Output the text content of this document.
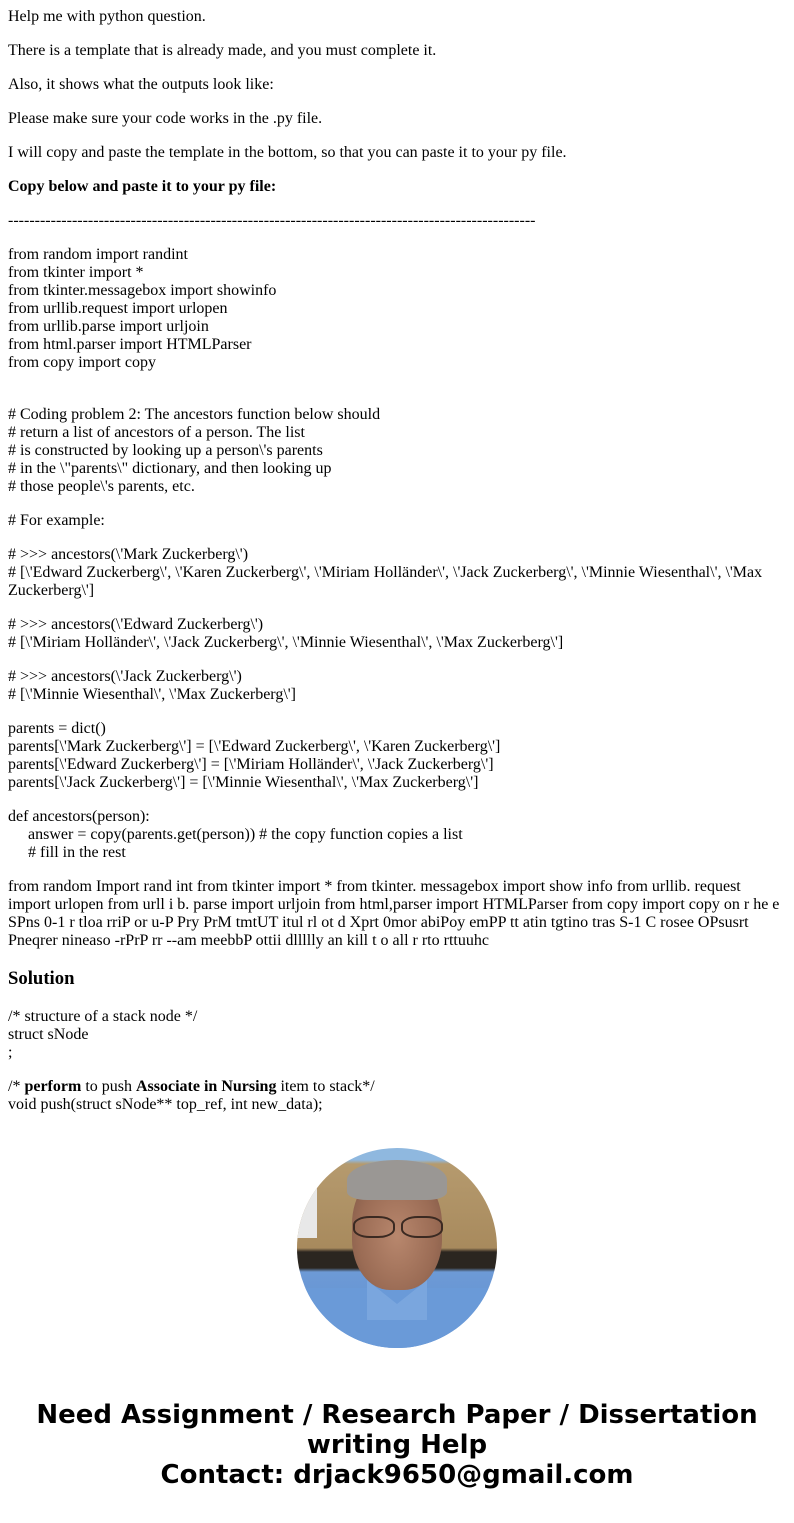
Help me with python question.

There is a template that is already made, and you must complete it.

Also, it shows what the outputs look like:

Please make sure your code works in the .py file.

I will copy and paste the template in the bottom, so that you can paste it to your py file.

Copy below and paste it to your py file:

---------------------------------------------------------------------------------------------------

from random import randint
from tkinter import *
from tkinter.messagebox import showinfo
from urllib.request import urlopen
from urllib.parse import urljoin
from html.parser import HTMLParser
from copy import copy
# Coding problem 2: The ancestors function below should
# return a list of ancestors of a person. The list
# is constructed by looking up a person\'s parents
# in the \"parents\" dictionary, and then looking up
# those people\'s parents, etc.

# For example:

# >>> ancestors(\'Mark Zuckerberg\')
# [\'Edward Zuckerberg\', \'Karen Zuckerberg\', \'Miriam Holländer\', \'Jack Zuckerberg\', \'Minnie Wiesenthal\', \'Max Zuckerberg\']
# >>> ancestors(\'Edward Zuckerberg\')
# [\'Miriam Holländer\', \'Jack Zuckerberg\', \'Minnie Wiesenthal\', \'Max Zuckerberg\']
# >>> ancestors(\'Jack Zuckerberg\')
# [\'Minnie Wiesenthal\', \'Max Zuckerberg\']
parents = dict()
parents[\'Mark Zuckerberg\'] = [\'Edward Zuckerberg\', \'Karen Zuckerberg\']
parents[\'Edward Zuckerberg\'] = [\'Miriam Holländer\', \'Jack Zuckerberg\']
parents[\'Jack Zuckerberg\'] = [\'Minnie Wiesenthal\', \'Max Zuckerberg\']
def ancestors(person):
answer = copy(parents.get(person)) # the copy function copies a list
# fill in the rest

from random Import rand int from tkinter import * from tkinter. messagebox import show info from urllib. request import urlopen from urll i b. parse import urljoin from html,parser import HTMLParser from copy import copy on r he e SPns 0-1 r tloa rriP or u-P Pry PrM tmtUT itul rl ot d Xprt 0mor abiPoy emPP tt atin tgtino tras S-1 C rosee OPsusrt Pneqrer nineaso -rPrP rr --am meebbP ottii dllllly an kill t o all r rto rttuuhc

Solution
/* structure of a stack node */
struct sNode
;
/* perform to push Associate in Nursing item to stack*/
void push(struct sNode** top_ref, int new_data);
Need Assignment / Research Paper / Dissertation
writing Help
Contact: drjack9650@gmail.com
